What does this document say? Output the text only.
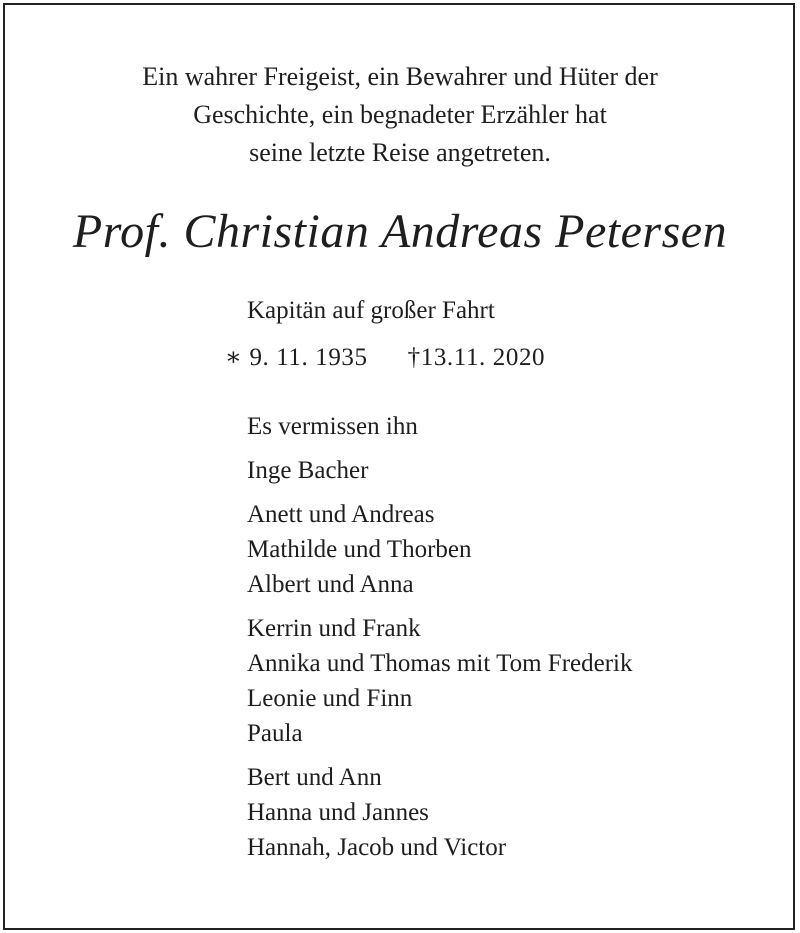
Ein wahrer Freigeist, ein Bewahrer und Hüter der
Geschichte, ein begnadeter Erzähler hat
seine letzte Reise angetreten.
Prof. Christian Andreas Petersen
Kapitän auf großer Fahrt
∗ 9. 11. 1935 †13.11. 2020
Es vermissen ihn
Inge Bacher
Anett und Andreas
Mathilde und Thorben
Albert und Anna
Kerrin und Frank
Annika und Thomas mit Tom Frederik
Leonie und Finn
Paula
Bert und Ann
Hanna und Jannes
Hannah, Jacob und Victor
